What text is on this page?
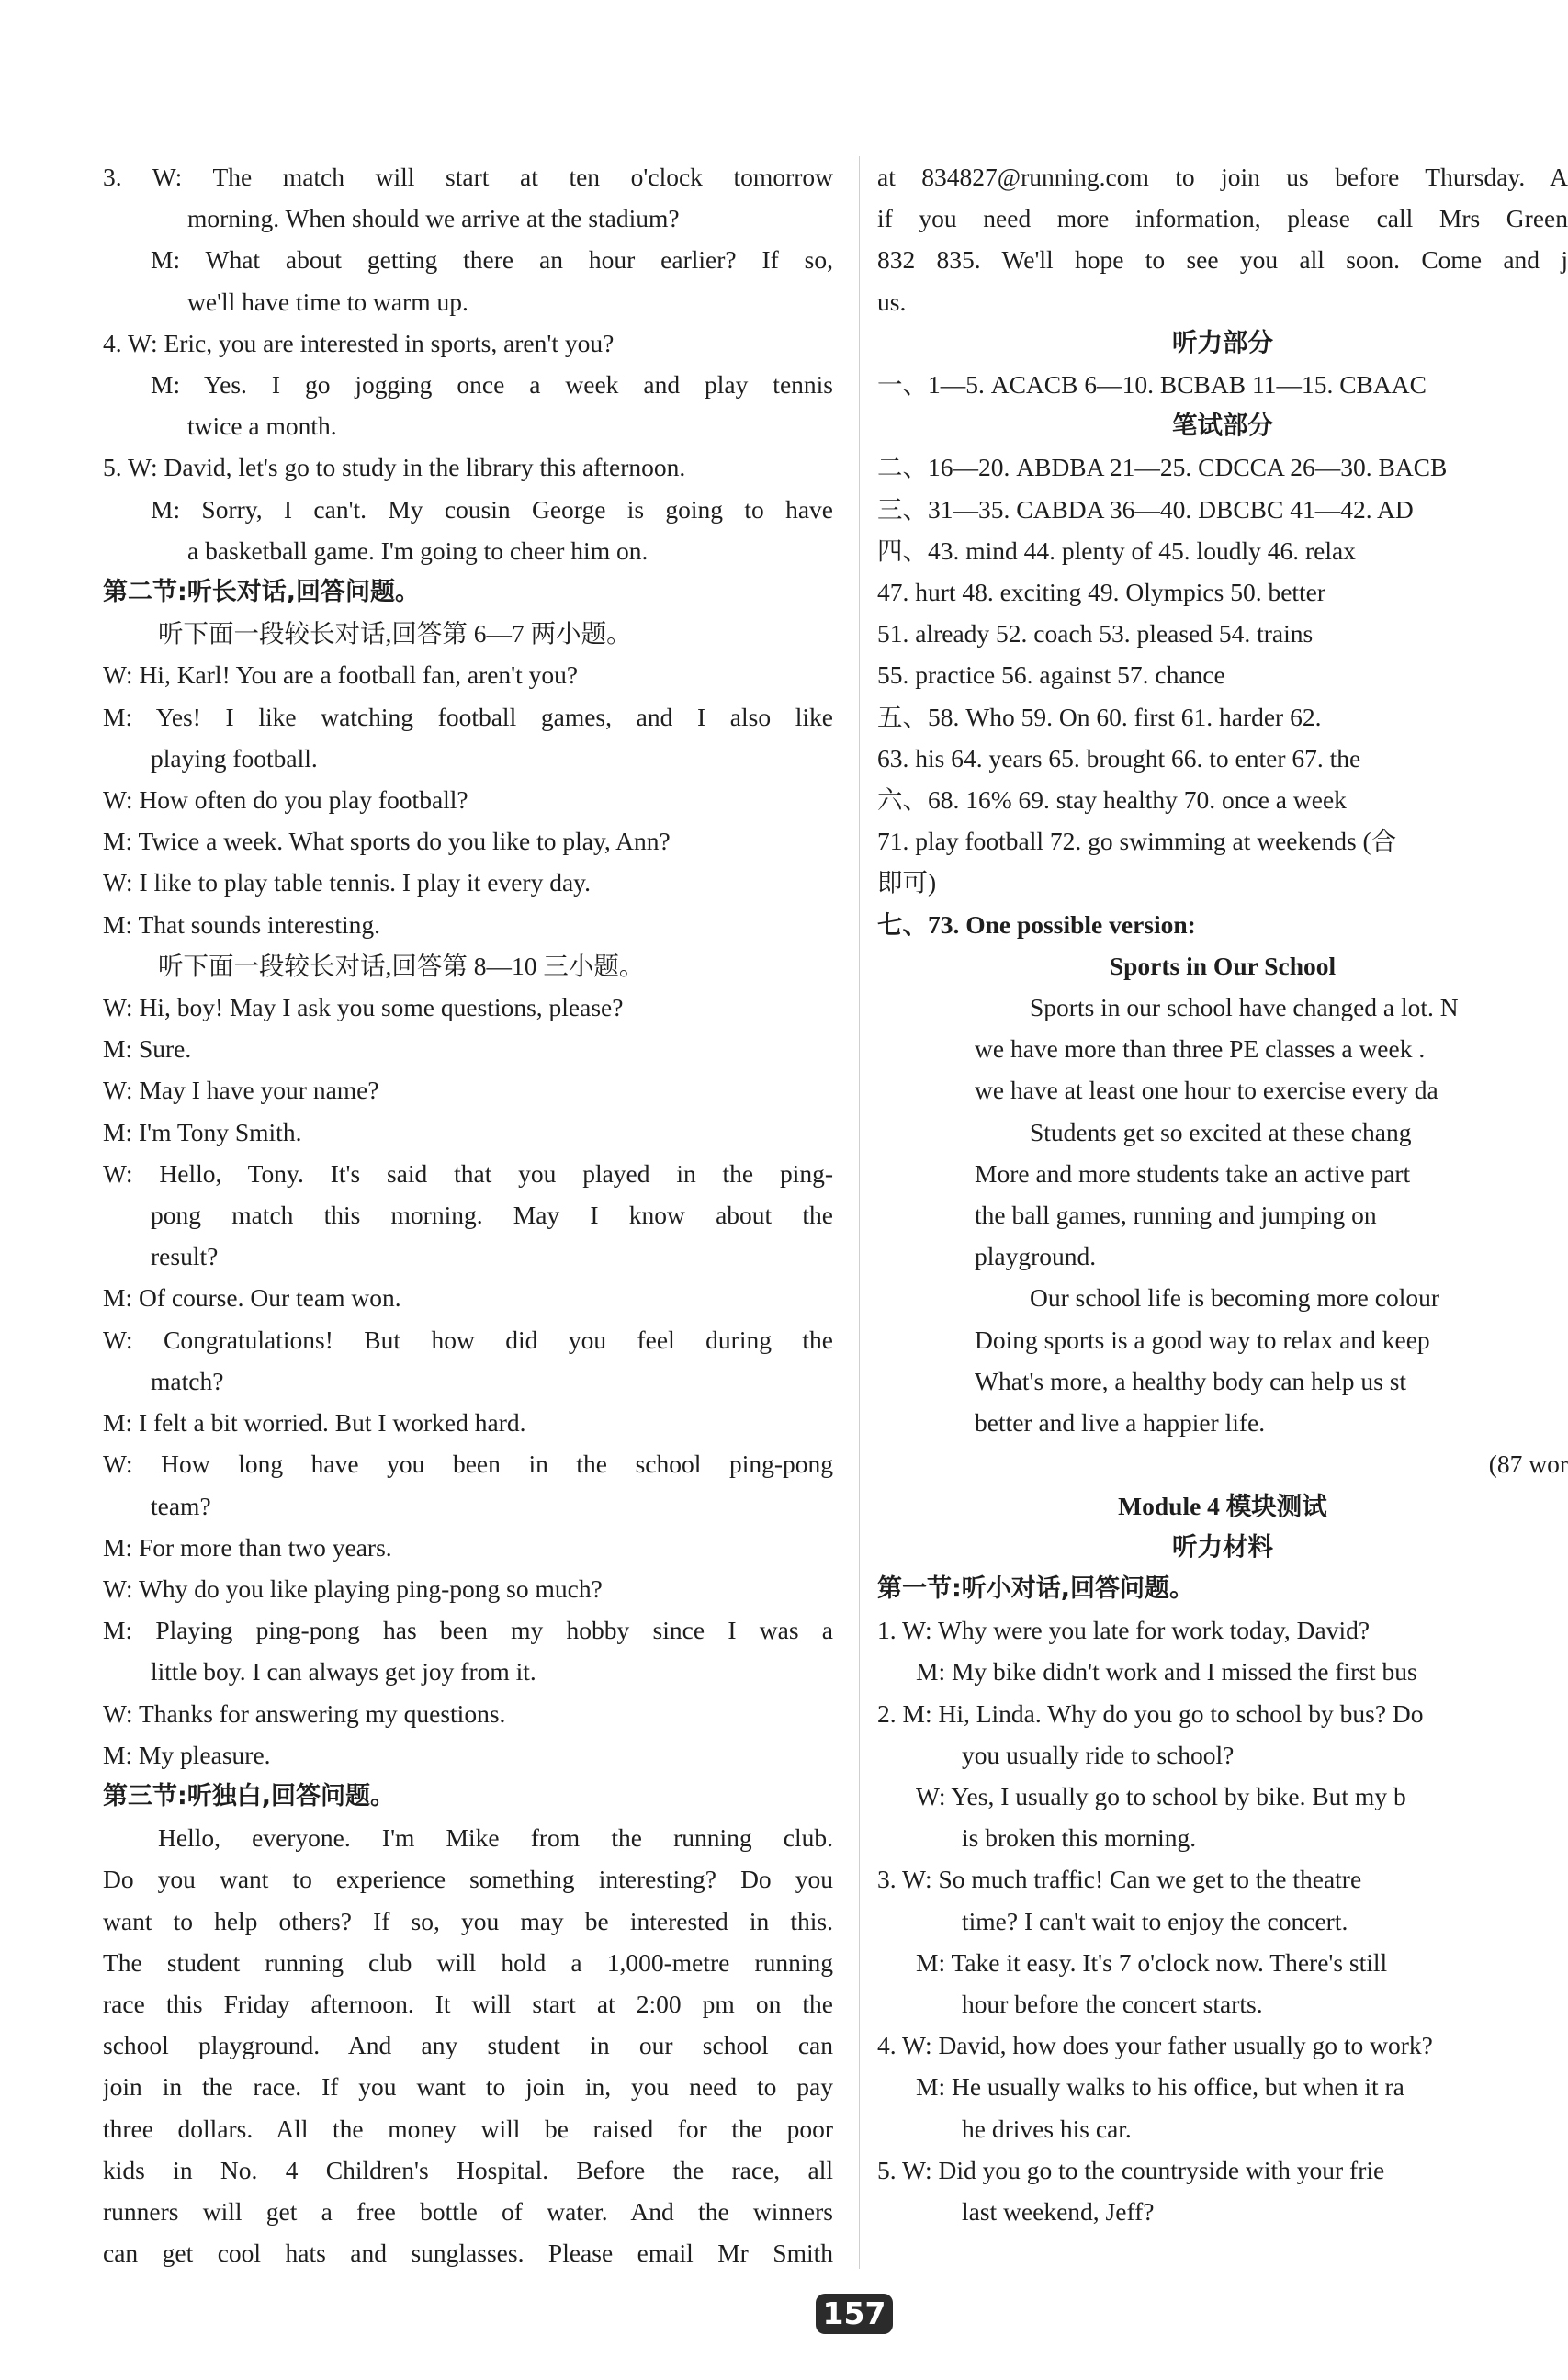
3. W: The match will start at ten o'clock tomorrow
morning. When should we arrive at the stadium?
M: What about getting there an hour earlier? If so,
we'll have time to warm up.
4. W: Eric, you are interested in sports, aren't you?
M: Yes. I go jogging once a week and play tennis
twice a month.
5. W: David, let's go to study in the library this afternoon.
M: Sorry, I can't. My cousin George is going to have
a basketball game. I'm going to cheer him on.
第二节:听长对话,回答问题。
听下面一段较长对话,回答第 6—7 两小题。
W: Hi, Karl! You are a football fan, aren't you?
M: Yes! I like watching football games, and I also like
playing football.
W: How often do you play football?
M: Twice a week. What sports do you like to play, Ann?
W: I like to play table tennis. I play it every day.
M: That sounds interesting.
听下面一段较长对话,回答第 8—10 三小题。
W: Hi, boy! May I ask you some questions, please?
M: Sure.
W: May I have your name?
M: I'm Tony Smith.
W: Hello, Tony. It's said that you played in the ping-
pong match this morning. May I know about the
result?
M: Of course. Our team won.
W: Congratulations! But how did you feel during the
match?
M: I felt a bit worried. But I worked hard.
W: How long have you been in the school ping-pong
team?
M: For more than two years.
W: Why do you like playing ping-pong so much?
M: Playing ping-pong has been my hobby since I was a
little boy. I can always get joy from it.
W: Thanks for answering my questions.
M: My pleasure.
第三节:听独白,回答问题。
Hello, everyone. I'm Mike from the running club.
Do you want to experience something interesting? Do you
want to help others? If so, you may be interested in this.
The student running club will hold a 1,000-metre running
race this Friday afternoon. It will start at 2:00 pm on the
school playground. And any student in our school can
join in the race. If you want to join in, you need to pay
three dollars. All the money will be raised for the poor
kids in No. 4 Children's Hospital. Before the race, all
runners will get a free bottle of water. And the winners
can get cool hats and sunglasses. Please email Mr Smith
at 834827@running.com to join us before Thursday. A
if you need more information, please call Mrs Green
832 835. We'll hope to see you all soon. Come and j
us.
听力部分
一、1—5. ACACB 6—10. BCBAB 11—15. CBAAC
笔试部分
二、16—20. ABDBA 21—25. CDCCA 26—30. BACB
三、31—35. CABDA 36—40. DBCBC 41—42. AD
四、43. mind 44. plenty of 45. loudly 46. relax
47. hurt 48. exciting 49. Olympics 50. better
51. already 52. coach 53. pleased 54. trains
55. practice 56. against 57. chance
五、58. Who 59. On 60. first 61. harder 62.
63. his 64. years 65. brought 66. to enter 67. the
六、68. 16% 69. stay healthy 70. once a week
71. play football 72. go swimming at weekends (合
即可)
七、73. One possible version:
Sports in Our School
Sports in our school have changed a lot. N
we have more than three PE classes a week .
we have at least one hour to exercise every da
Students get so excited at these chang
More and more students take an active part
the ball games, running and jumping on
playground.
Our school life is becoming more colour
Doing sports is a good way to relax and keep
What's more, a healthy body can help us st
better and live a happier life.
(87 wor
Module 4 模块测试
听力材料
第一节:听小对话,回答问题。
1. W: Why were you late for work today, David?
M: My bike didn't work and I missed the first bus
2. M: Hi, Linda. Why do you go to school by bus? Do
you usually ride to school?
W: Yes, I usually go to school by bike. But my b
is broken this morning.
3. W: So much traffic! Can we get to the theatre
time? I can't wait to enjoy the concert.
M: Take it easy. It's 7 o'clock now. There's still
hour before the concert starts.
4. W: David, how does your father usually go to work?
M: He usually walks to his office, but when it ra
he drives his car.
5. W: Did you go to the countryside with your frie
last weekend, Jeff?
157
